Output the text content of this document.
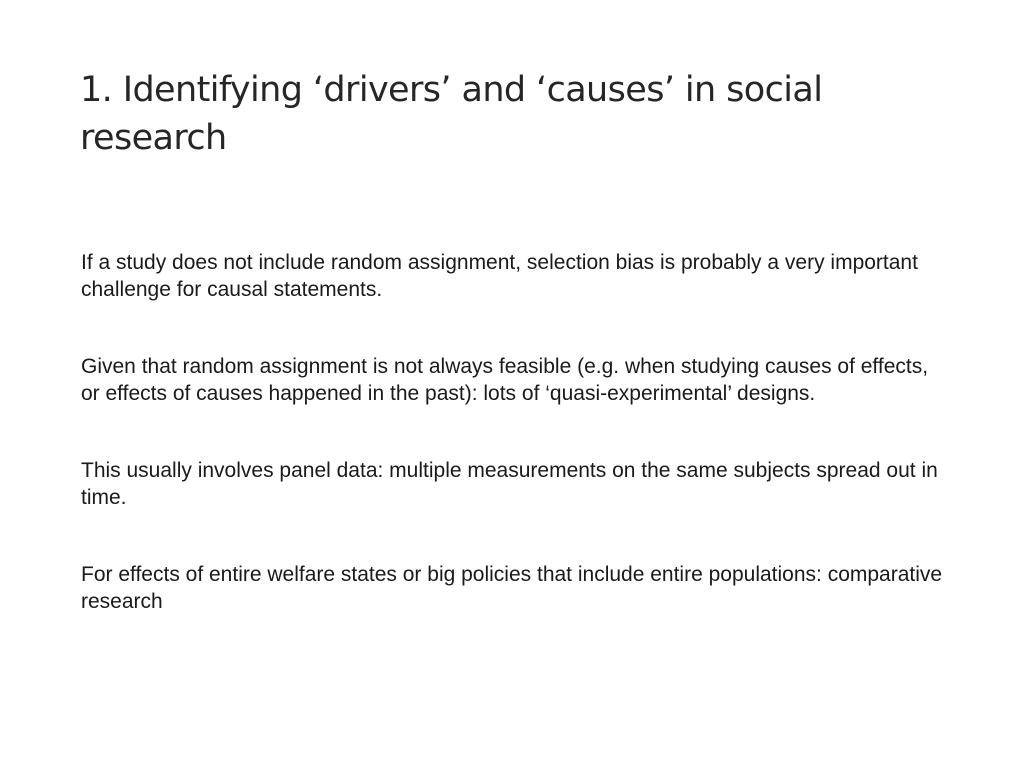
1. Identifying ‘drivers’ and ‘causes’ in social research

If a study does not include random assignment, selection bias is probably a very important challenge for causal statements.

Given that random assignment is not always feasible (e.g. when studying causes of effects, or effects of causes happened in the past): lots of ‘quasi-experimental’ designs.

This usually involves panel data: multiple measurements on the same subjects spread out in time.

For effects of entire welfare states or big policies that include entire populations: comparative research
